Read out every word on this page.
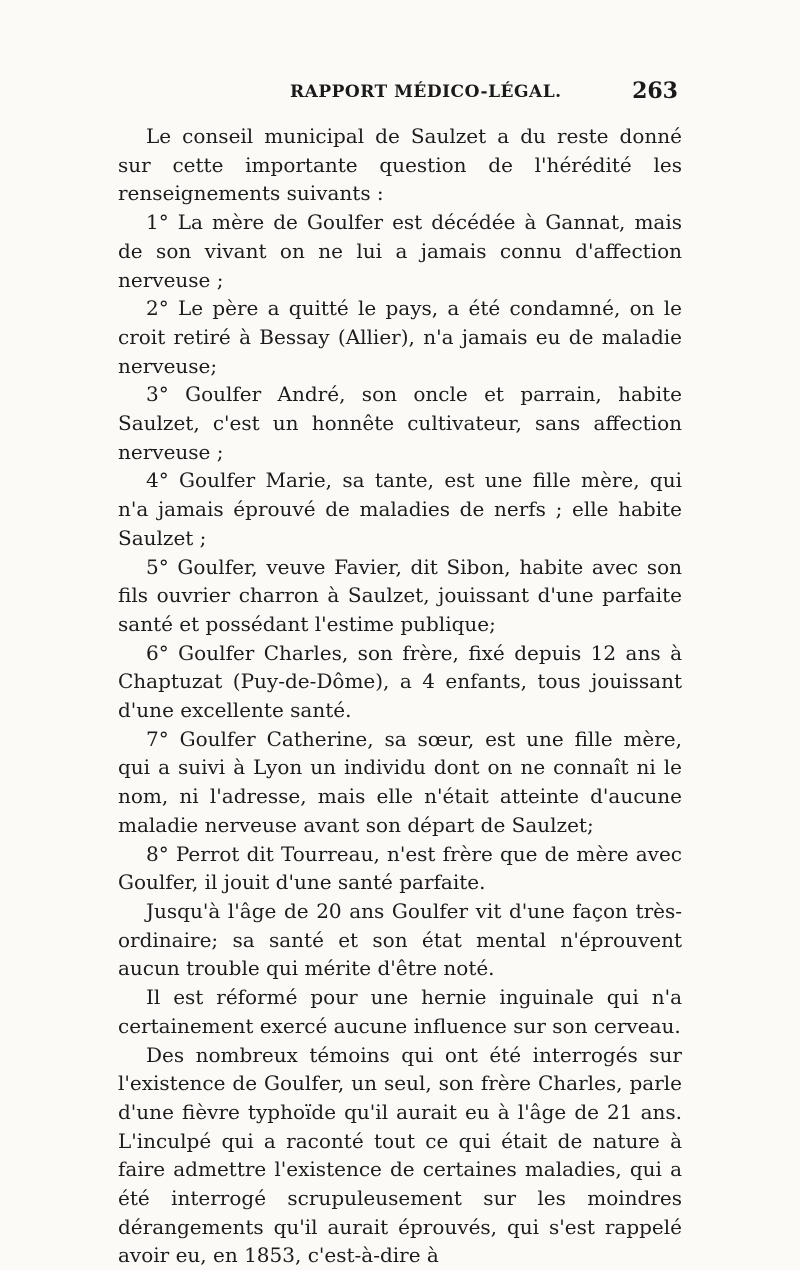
RAPPORT MÉDICO-LÉGAL.	263

Le conseil municipal de Saulzet a du reste donné sur cette importante question de l'hérédité les renseignements suivants :

1° La mère de Goulfer est décédée à Gannat, mais de son vivant on ne lui a jamais connu d'affection nerveuse ;

2° Le père a quitté le pays, a été condamné, on le croit retiré à Bessay (Allier), n'a jamais eu de maladie nerveuse;

3° Goulfer André, son oncle et parrain, habite Saulzet, c'est un honnête cultivateur, sans affection nerveuse ;

4° Goulfer Marie, sa tante, est une fille mère, qui n'a jamais éprouvé de maladies de nerfs ; elle habite Saulzet ;

5° Goulfer, veuve Favier, dit Sibon, habite avec son fils ouvrier charron à Saulzet, jouissant d'une parfaite santé et possédant l'estime publique;

6° Goulfer Charles, son frère, fixé depuis 12 ans à Chaptuzat (Puy-de-Dôme), a 4 enfants, tous jouissant d'une excellente santé.

7° Goulfer Catherine, sa sœur, est une fille mère, qui a suivi à Lyon un individu dont on ne connaît ni le nom, ni l'adresse, mais elle n'était atteinte d'aucune maladie nerveuse avant son départ de Saulzet;

8° Perrot dit Tourreau, n'est frère que de mère avec Goulfer, il jouit d'une santé parfaite.

Jusqu'à l'âge de 20 ans Goulfer vit d'une façon très-ordinaire; sa santé et son état mental n'éprouvent aucun trouble qui mérite d'être noté.

Il est réformé pour une hernie inguinale qui n'a certainement exercé aucune influence sur son cerveau.

Des nombreux témoins qui ont été interrogés sur l'existence de Goulfer, un seul, son frère Charles, parle d'une fièvre typhoïde qu'il aurait eu à l'âge de 21 ans. L'inculpé qui a raconté tout ce qui était de nature à faire admettre l'existence de certaines maladies, qui a été interrogé scrupuleusement sur les moindres dérangements qu'il aurait éprouvés, qui s'est rappelé avoir eu, en 1853, c'est-à-dire à
